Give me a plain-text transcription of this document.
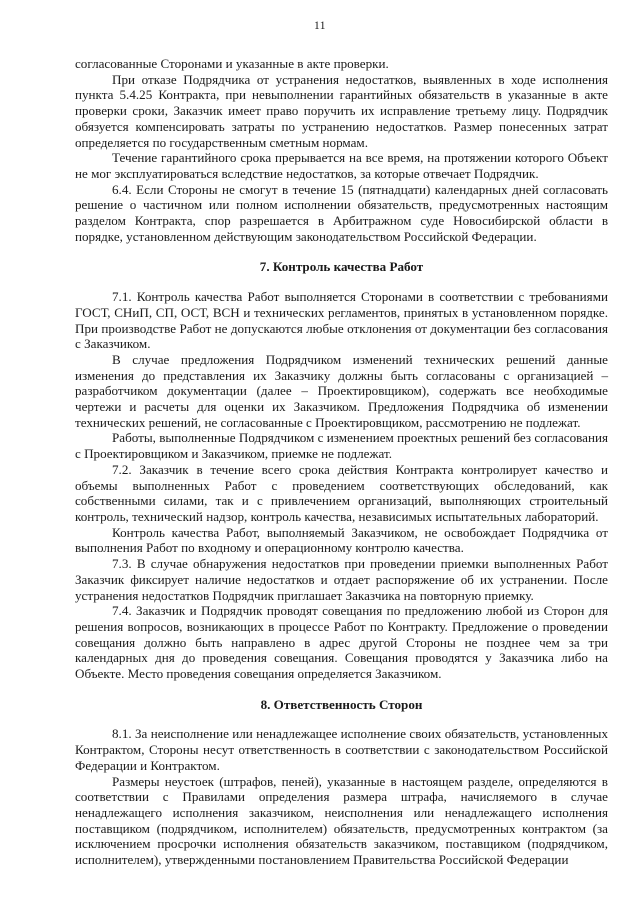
11

согласованные Сторонами и указанные в акте проверки.

При отказе Подрядчика от устранения недостатков, выявленных в ходе исполнения пункта 5.4.25 Контракта, при невыполнении гарантийных обязательств в указанные в акте проверки сроки, Заказчик имеет право поручить их исправление третьему лицу. Подрядчик обязуется компенсировать затраты по устранению недостатков. Размер понесенных затрат определяется по государственным сметным нормам.

Течение гарантийного срока прерывается на все время, на протяжении которого Объект не мог эксплуатироваться вследствие недостатков, за которые отвечает Подрядчик.

6.4. Если Стороны не смогут в течение 15 (пятнадцати) календарных дней согласовать решение о частичном или полном исполнении обязательств, предусмотренных настоящим разделом Контракта, спор разрешается в Арбитражном суде Новосибирской области в порядке, установленном действующим законодательством Российской Федерации.

7. Контроль качества Работ

7.1. Контроль качества Работ выполняется Сторонами в соответствии с требованиями ГОСТ, СНиП, СП, ОСТ, ВСН и технических регламентов, принятых в установленном порядке. При производстве Работ не допускаются любые отклонения от документации без согласования с Заказчиком.

В случае предложения Подрядчиком изменений технических решений данные изменения до представления их Заказчику должны быть согласованы с организацией – разработчиком документации (далее – Проектировщиком), содержать все необходимые чертежи и расчеты для оценки их Заказчиком. Предложения Подрядчика об изменении технических решений, не согласованные с Проектировщиком, рассмотрению не подлежат.

Работы, выполненные Подрядчиком с изменением проектных решений без согласования с Проектировщиком и Заказчиком, приемке не подлежат.

7.2. Заказчик в течение всего срока действия Контракта контролирует качество и объемы выполненных Работ с проведением соответствующих обследований, как собственными силами, так и с привлечением организаций, выполняющих строительный контроль, технический надзор, контроль качества, независимых испытательных лабораторий.

Контроль качества Работ, выполняемый Заказчиком, не освобождает Подрядчика от выполнения Работ по входному и операционному контролю качества.

7.3. В случае обнаружения недостатков при проведении приемки выполненных Работ Заказчик фиксирует наличие недостатков и отдает распоряжение об их устранении. После устранения недостатков Подрядчик приглашает Заказчика на повторную приемку.

7.4. Заказчик и Подрядчик проводят совещания по предложению любой из Сторон для решения вопросов, возникающих в процессе Работ по Контракту. Предложение о проведении совещания должно быть направлено в адрес другой Стороны не позднее чем за три календарных дня до проведения совещания. Совещания проводятся у Заказчика либо на Объекте. Место проведения совещания определяется Заказчиком.

8. Ответственность Сторон

8.1. За неисполнение или ненадлежащее исполнение своих обязательств, установленных Контрактом, Стороны несут ответственность в соответствии с законодательством Российской Федерации и Контрактом.

Размеры неустоек (штрафов, пеней), указанные в настоящем разделе, определяются в соответствии с Правилами определения размера штрафа, начисляемого в случае ненадлежащего исполнения заказчиком, неисполнения или ненадлежащего исполнения поставщиком (подрядчиком, исполнителем) обязательств, предусмотренных контрактом (за исключением просрочки исполнения обязательств заказчиком, поставщиком (подрядчиком, исполнителем), утвержденными постановлением Правительства Российской Федерации
